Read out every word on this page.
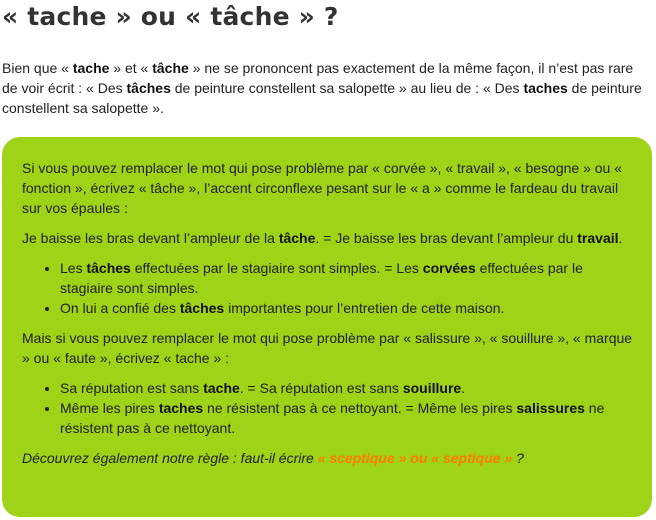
« tache » ou « tâche » ?

Bien que « tache » et « tâche » ne se prononcent pas exactement de la même façon, il n’est pas rare de voir écrit : « Des tâches de peinture constellent sa salopette » au lieu de : « Des taches de peinture constellent sa salopette ».

Si vous pouvez remplacer le mot qui pose problème par « corvée », « travail », « besogne » ou « fonction », écrivez « tâche », l’accent circonflexe pesant sur le « a » comme le fardeau du travail sur vos épaules :

Je baisse les bras devant l’ampleur de la tâche. = Je baisse les bras devant l’ampleur du travail.

• Les tâches effectuées par le stagiaire sont simples. = Les corvées effectuées par le stagiaire sont simples.
• On lui a confié des tâches importantes pour l’entretien de cette maison.

Mais si vous pouvez remplacer le mot qui pose problème par « salissure », « souillure », « marque » ou « faute », écrivez « tache » :

• Sa réputation est sans tache. = Sa réputation est sans souillure.
• Même les pires taches ne résistent pas à ce nettoyant. = Même les pires salissures ne résistent pas à ce nettoyant.

Découvrez également notre règle : faut-il écrire « sceptique » ou « septique » ?
